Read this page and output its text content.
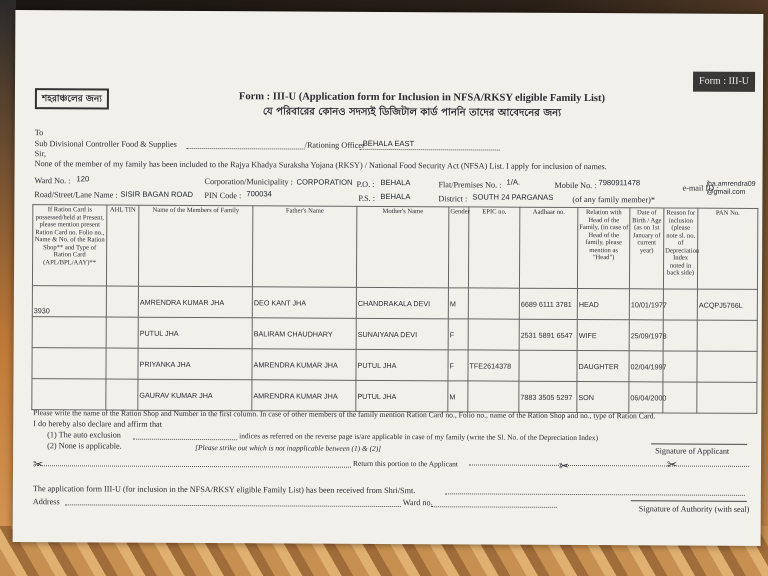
Form : III-U
শহরাঞ্চলের জন্য	Form : III-U (Application form for Inclusion in NFSA/RKSY eligible Family List)
যে পরিবারের কোনও সদস্যই ডিজিটাল কার্ড পাননি তাদের আবেদনের জন্য
To
Sub Divisional Controller Food & Supplies	/Rationing Officer
BEHALA EAST
Sir,
None of the member of my family has been included to the Rajya Khadya Suraksha Yojana (RKSY) / National Food Security Act (NFSA) List. I apply for inclusion of names.
Ward No. : 120	Corporation/Municipality : CORPORATION P.O. : BEHALA	Flat/Premises No. : 1/A.	Mobile No. : 7980911478
e-mail ID :
jha.amrendra09@gmail.com
Road/Street/Lane Name : SISIR BAGAN ROAD PIN Code : 700034	P.S. : BEHALA	District : SOUTH 24 PARGANAS (of any family member)*
If Ration Card is possessed/held at Present, please mention present Ration Card no. Folio no., Name & No. of the Ration Shop** and Type of Ration Card (APL/BPL/AAY)**	AHL TIN	Name of the Members of Family	Father's Name	Mother's Name	Gender	EPIC no.	Aadhaar no.	Relation with Head of the Family, (in case of Head of the family, please mention as "Head")	Date of Birth / Age (as on 1st January of current year)	Reason for inclusion (please note sl. no. of Depreciation Index noted in back side)	PAN No.
3930		AMRENDRA KUMAR JHA	DEO KANT JHA	CHANDRAKALA DEVI	M		6689 6111 3781	HEAD	10/01/1977		ACQPJ5766L
		PUTUL JHA	BALIRAM CHAUDHARY	SUNAIYANA DEVI	F		2531 5891 6547	WIFE	25/09/1978		
		PRIYANKA JHA	AMRENDRA KUMAR JHA	PUTUL JHA	F	TFE2614378		DAUGHTER	02/04/1997		
		GAURAV KUMAR JHA	AMRENDRA KUMAR JHA	PUTUL JHA	M		7883 3505 5297	SON	06/04/2000		
Please write the name of the Ration Shop and Number in the first column. In case of other members of the family mention Ration Card no., Folio no., name of the Ration Shop and no., type of Ration Card.
I do hereby also declare and affirm that
(1) The auto exclusion	indices as referred on the reverse page is/are applicable in case of my family (write the Sl. No. of the Depreciation Index)
(2) None is applicable.	[Please strike out which is not inapplicable between (1) & (2)]	Signature of Applicant
Return this portion to the Applicant
✂	✂	✂
The application form III-U (for inclusion in the NFSA/RKSY eligible Family List) has been received from Shri/Smt.
Address	Ward no.
Signature of Authority (with seal)
